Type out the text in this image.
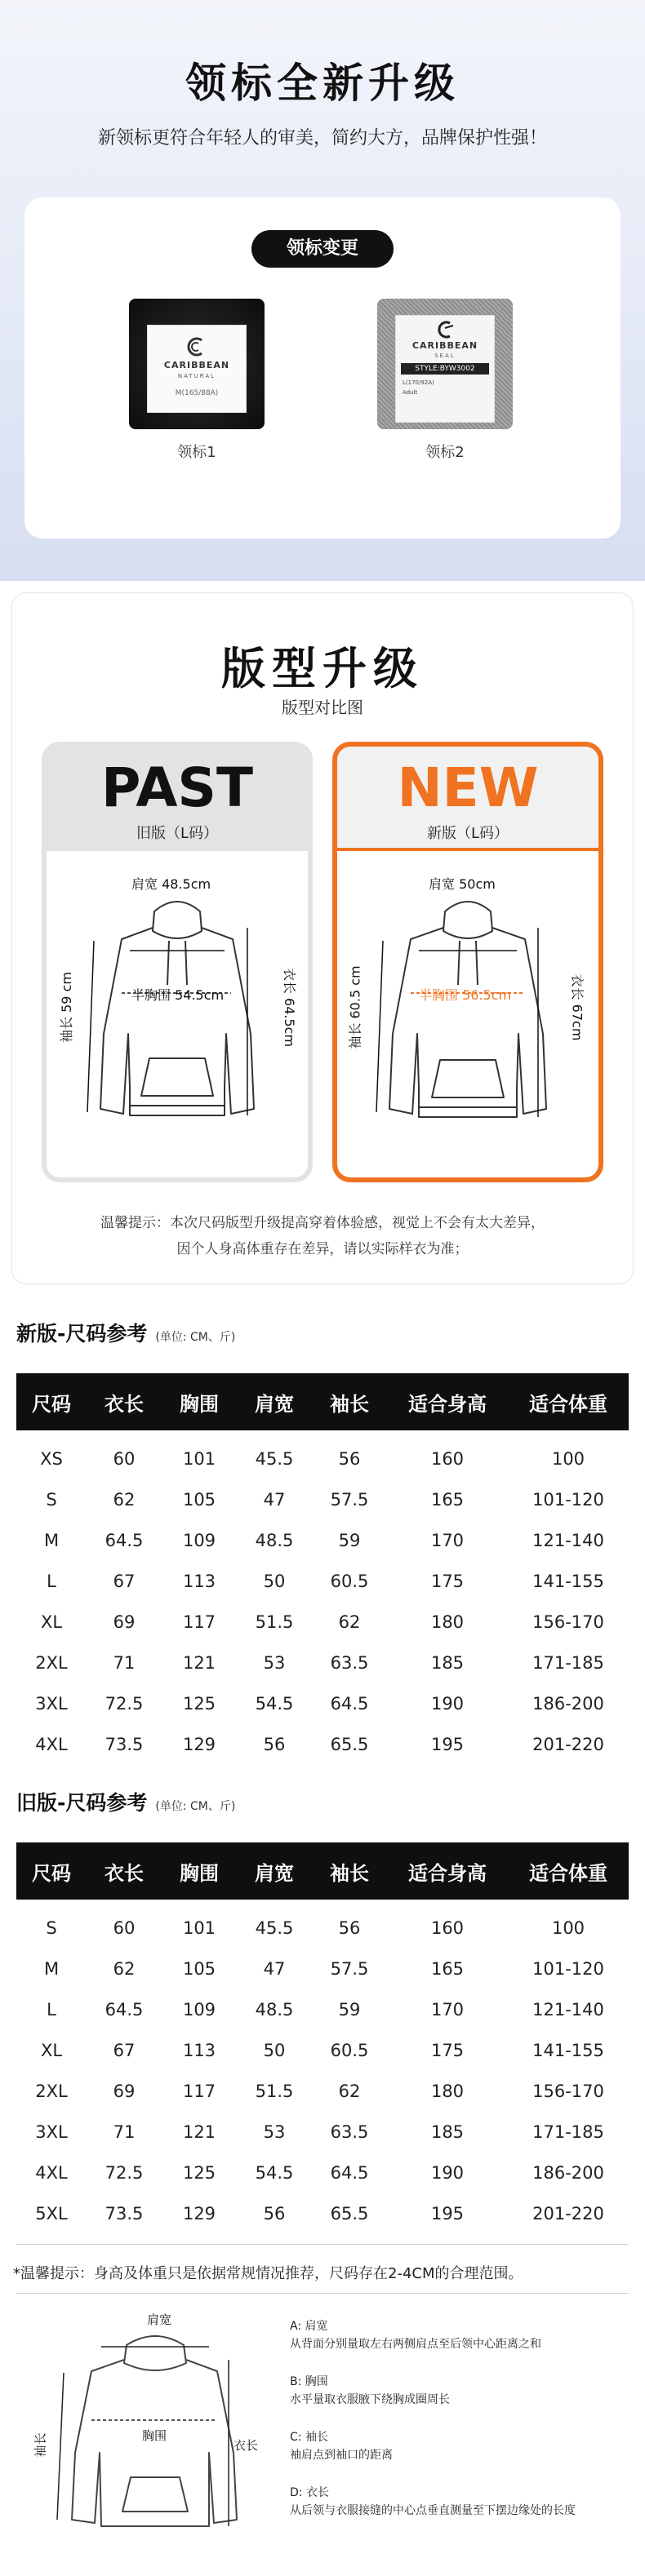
领标全新升级
新领标更符合年轻人的审美，简约大方，品牌保护性强！
领标变更
CARIBBEAN
NATURAL
M(165/88A)
CARIBBEAN
SEAL
STYLE:BYW3002
L(170/92A)
Adult
领标1	领标2
版型升级
版型对比图
PAST
旧版（L码）
肩宽 48.5cm
半胸围 54.5cm
袖长 59 cm	衣长 64.5cm
NEW
新版（L码）
肩宽 50cm
半胸围 56.5cm
袖长 60.5 cm	衣长 67cm
温馨提示：本次尺码版型升级提高穿着体验感，视觉上不会有太大差异，
因个人身高体重存在差异，请以实际样衣为准；
新版-尺码参考 (单位: CM、斤)
尺码	衣长	胸围	肩宽	袖长	适合身高	适合体重
XS	60	101	45.5	56	160	100
S	62	105	47	57.5	165	101-120
M	64.5	109	48.5	59	170	121-140
L	67	113	50	60.5	175	141-155
XL	69	117	51.5	62	180	156-170
2XL	71	121	53	63.5	185	171-185
3XL	72.5	125	54.5	64.5	190	186-200
4XL	73.5	129	56	65.5	195	201-220
旧版-尺码参考 (单位: CM、斤)
尺码	衣长	胸围	肩宽	袖长	适合身高	适合体重
S	60	101	45.5	56	160	100
M	62	105	47	57.5	165	101-120
L	64.5	109	48.5	59	170	121-140
XL	67	113	50	60.5	175	141-155
2XL	69	117	51.5	62	180	156-170
3XL	71	121	53	63.5	185	171-185
4XL	72.5	125	54.5	64.5	190	186-200
5XL	73.5	129	56	65.5	195	201-220
*温馨提示：身高及体重只是依据常规情况推荐，尺码存在2-4CM的合理范围。
肩宽
胸围
衣长
袖长
A: 肩宽
从背面分别量取左右两侧肩点至后领中心距离之和
B: 胸围
水平量取衣服腋下绕胸成圈周长
C: 袖长
袖肩点到袖口的距离
D: 衣长
从后领与衣服接缝的中心点垂直测量至下摆边缘处的长度
